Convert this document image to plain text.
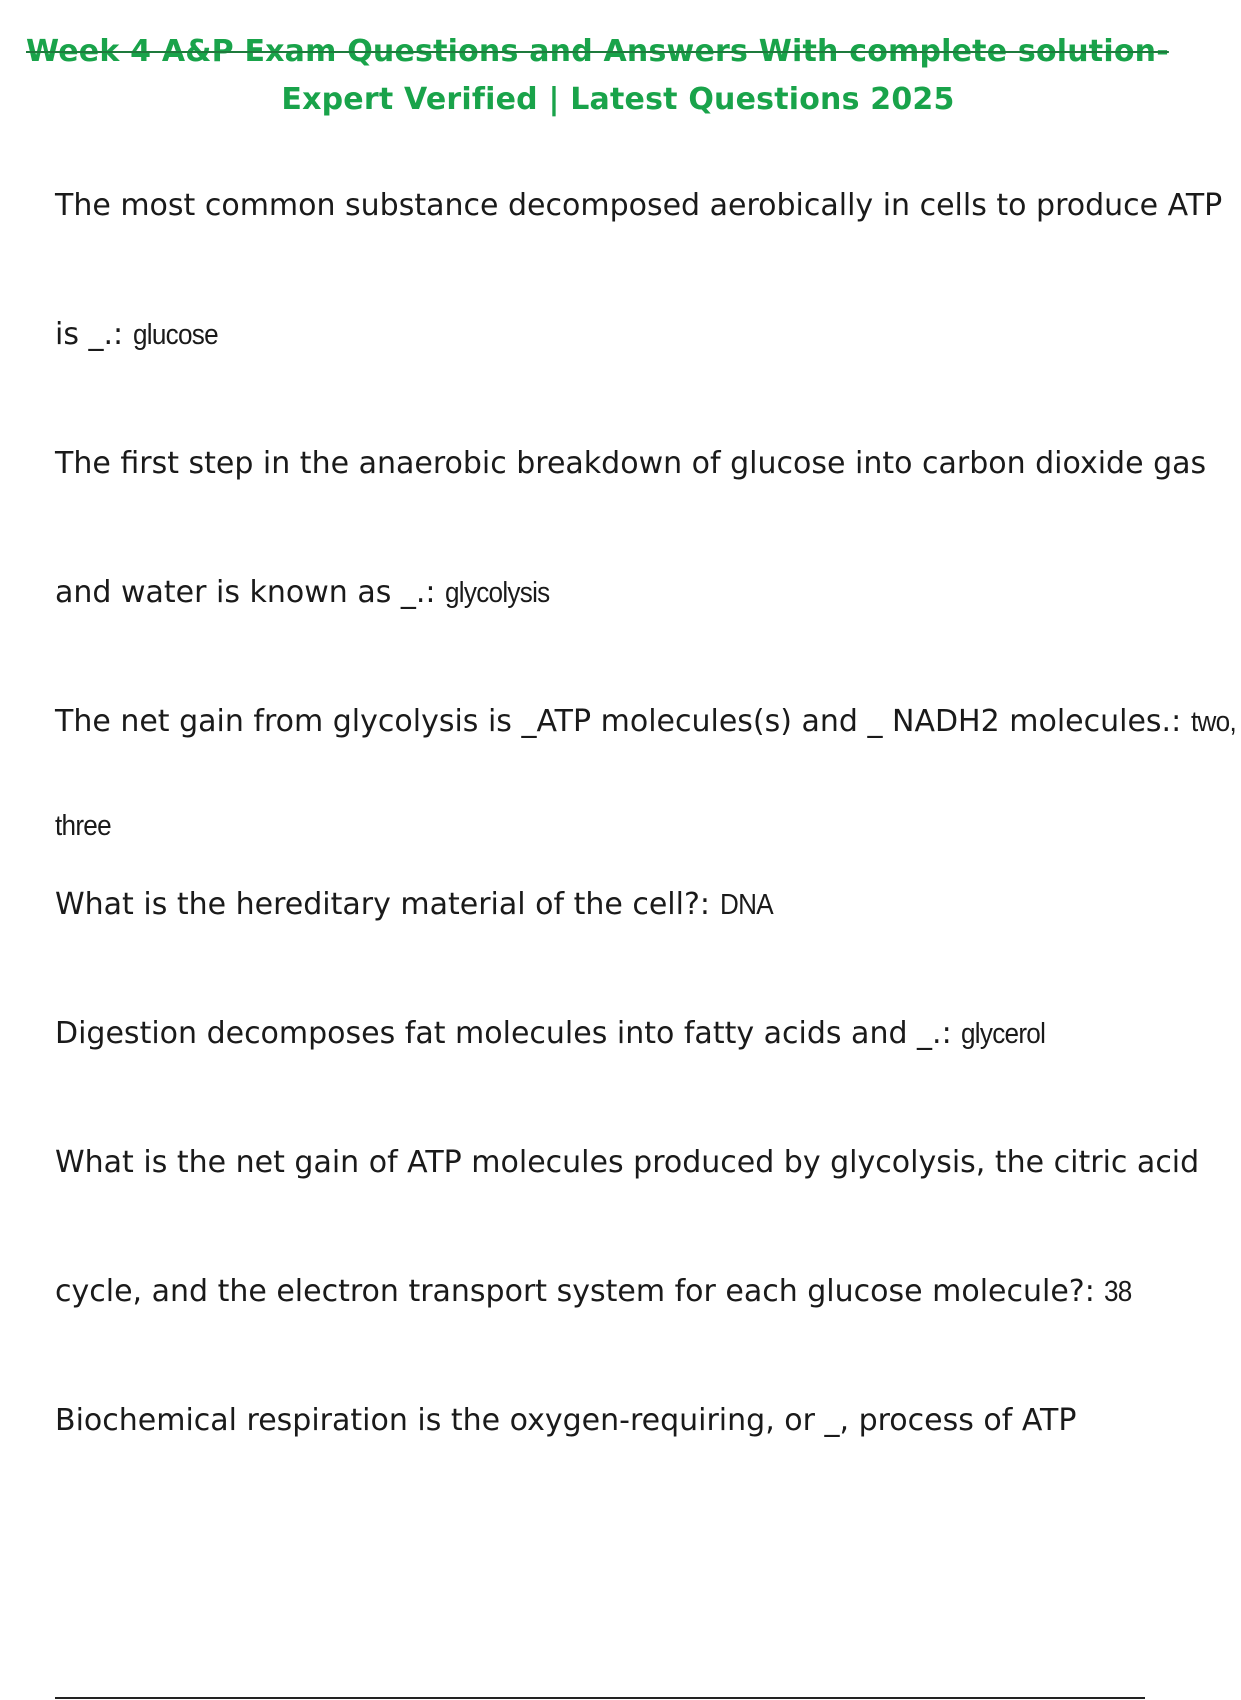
Week 4 A&P Exam Questions and Answers With complete solution-
Expert Verified | Latest Questions 2025
The most common substance decomposed aerobically in cells to produce ATP
is _.: glucose
The first step in the anaerobic breakdown of glucose into carbon dioxide gas
and water is known as _.: glycolysis
The net gain from glycolysis is _ATP molecules(s) and _ NADH2 molecules.: two,
three
What is the hereditary material of the cell?: DNA
Digestion decomposes fat molecules into fatty acids and _.: glycerol
What is the net gain of ATP molecules produced by glycolysis, the citric acid
cycle, and the electron transport system for each glucose molecule?: 38
Biochemical respiration is the oxygen-requiring, or _, process of ATP
